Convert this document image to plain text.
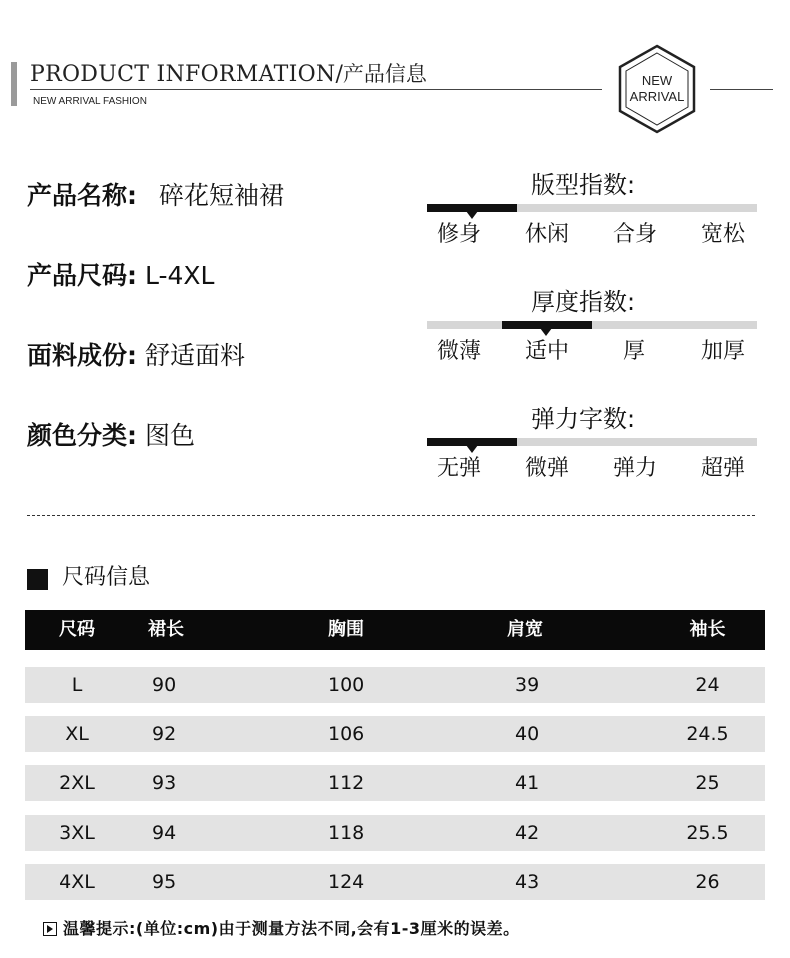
PRODUCT INFORMATION/产品信息
NEW ARRIVAL FASHION
NEW
ARRIVAL
产品名称: 碎花短袖裙
产品尺码: L-4XL
面料成份: 舒适面料
颜色分类: 图色
版型指数:
修身 休闲 合身 宽松
厚度指数:
微薄 适中 厚	加厚
弹力字数:
无弹 微弹 弹力 超弹
尺码信息
尺码	裙长	胸围	肩宽	袖长
L	90	100	39	24
XL	92	106	40	24.5
2XL	93	112	41	25
3XL	94	118	42	25.5
4XL	95	124	43	26
温馨提示:(单位:cm)由于测量方法不同,会有1-3厘米的误差。
